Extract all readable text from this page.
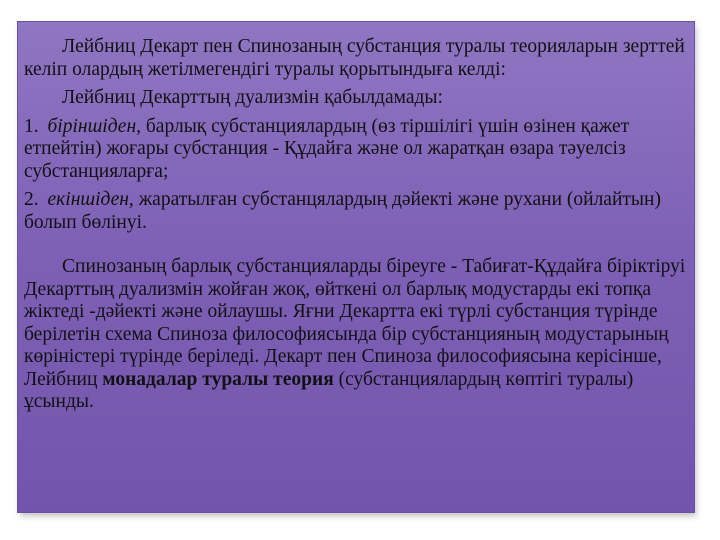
Лейбниц Декарт пен Спинозаның субстанция туралы теорияларын зерттей келіп олардың жетілмегендігі туралы қорытындыға келді:

Лейбниц Декарттың дуализмін қабылдамады:

1. біріншіден, барлық субстанциялардың (өз тіршілігі үшін өзінен қажет етпейтін) жоғары субстанция - Құдайға және ол жаратқан өзара тәуелсіз субстанцияларға;

2. екіншіден, жаратылған субстанцялардың дәйекті және рухани (ойлайтын) болып бөлінуі.

Спинозаның барлық субстанцияларды біреуге - Табиғат-Құдайға біріктіруі Декарттың дуализмін жойған жоқ, өйткені ол барлық модустарды екі топқа жіктеді -дәйекті және ойлаушы. Яғни Декартта екі түрлі субстанция түрінде берілетін схема Спиноза философиясында бір субстанцияның модустарының көріністері түрінде беріледі. Декарт пен Спиноза философиясына керісінше, Лейбниц монадалар туралы теория (субстанциялардың көптігі туралы) ұсынды.
